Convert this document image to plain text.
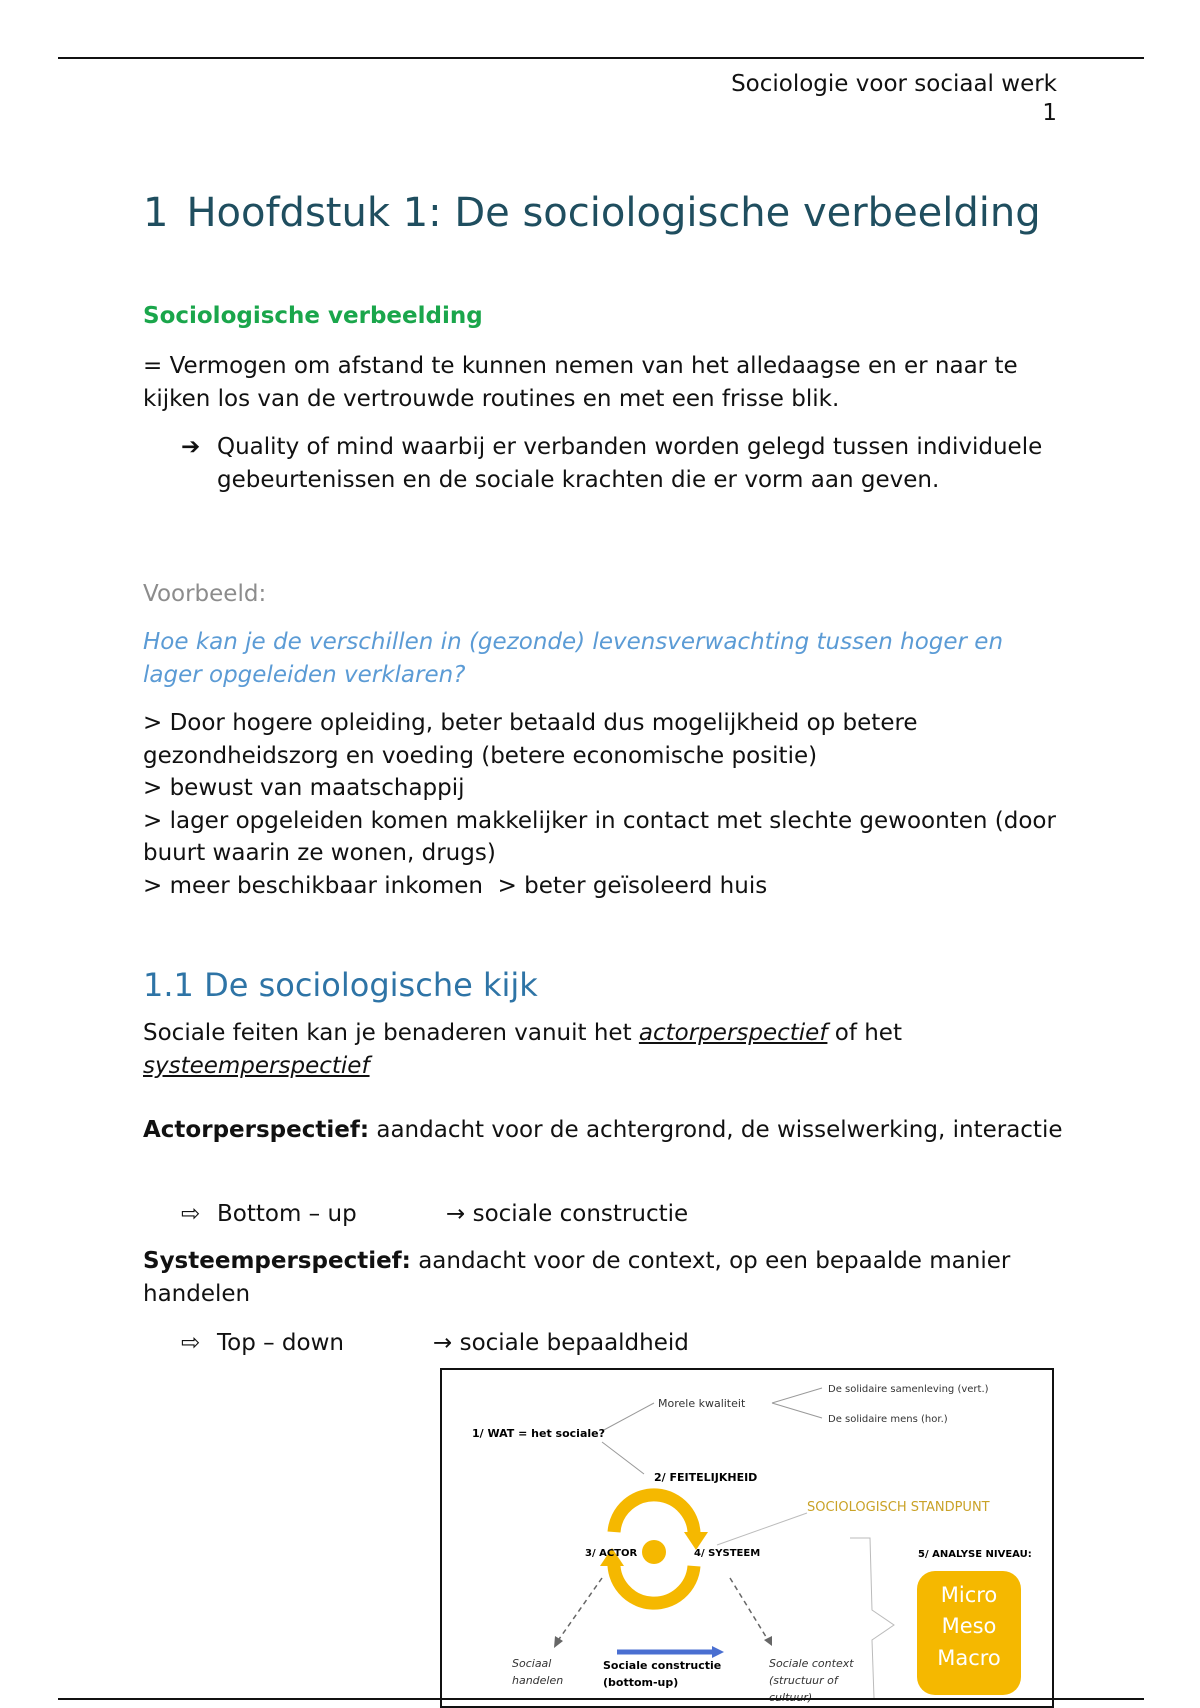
Sociologie voor sociaal werk
1
1 Hoofdstuk 1: De sociologische verbeelding
Sociologische verbeelding

= Vermogen om afstand te kunnen nemen van het alledaagse en er naar te kijken los van de vertrouwde routines en met een frisse blik.

➔ Quality of mind waarbij er verbanden worden gelegd tussen individuele gebeurtenissen en de sociale krachten die er vorm aan geven.
Voorbeeld:

Hoe kan je de verschillen in (gezonde) levensverwachting tussen hoger en lager opgeleiden verklaren?

> Door hogere opleiding, beter betaald dus mogelijkheid op betere gezondheidszorg en voeding (betere economische positie)
> bewust van maatschappij
> lager opgeleiden komen makkelijker in contact met slechte gewoonten (door buurt waarin ze wonen, drugs)
> meer beschikbaar inkomen  > beter geïsoleerd huis
1.1 De sociologische kijk

Sociale feiten kan je benaderen vanuit het actorperspectief of het
systeemperspectief

Actorperspectief: aandacht voor de achtergrond, de wisselwerking, interactie

⇨ Bottom – up	→ sociale constructie

Systeemperspectief: aandacht voor de context, op een bepaalde manier handelen

⇨ Top – down	→ sociale bepaaldheid
1/ WAT = het sociale?
Morele kwaliteit
De solidaire samenleving (vert.)
De solidaire mens (hor.)
2/ FEITELIJKHEID
SOCIOLOGISCH STANDPUNT
3/ ACTOR	4/ SYSTEEM	5/ ANALYSE NIVEAU:
Micro
Meso
Macro
Sociaal
handelen
Sociale constructie
(bottom-up)
Sociale context
(structuur of
cultuur)
